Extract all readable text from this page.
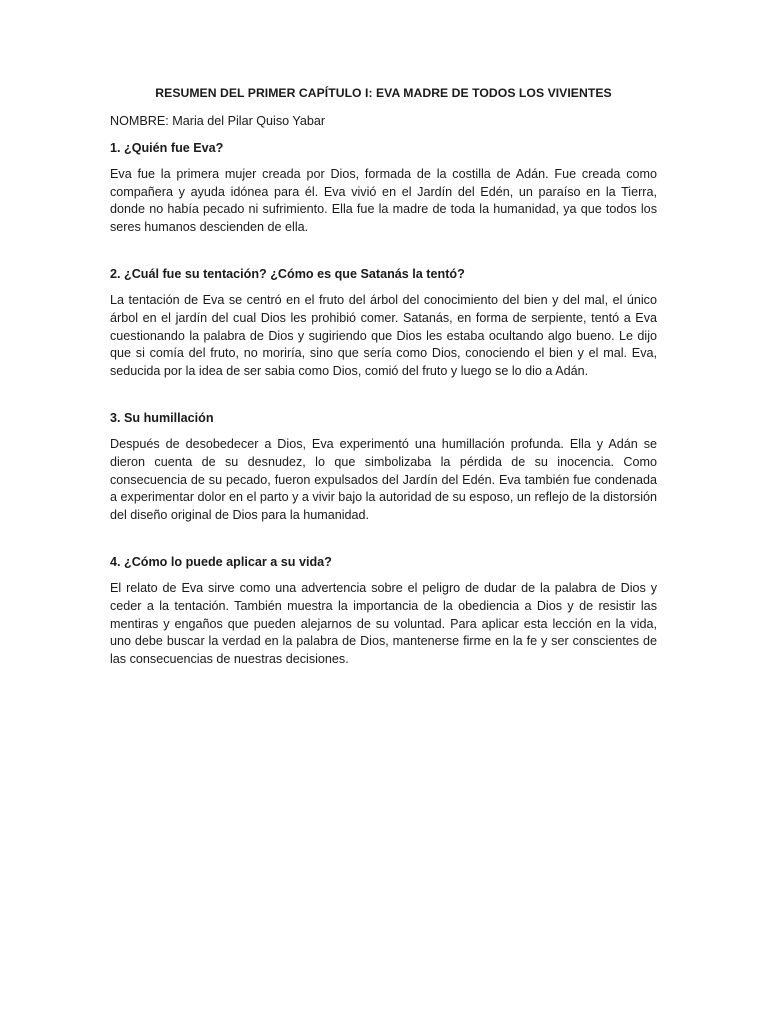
RESUMEN DEL PRIMER CAPÍTULO I: EVA MADRE DE TODOS LOS VIVIENTES
NOMBRE: Maria del Pilar Quiso Yabar
1. ¿Quién fue Eva?

Eva fue la primera mujer creada por Dios, formada de la costilla de Adán. Fue creada como compañera y ayuda idónea para él. Eva vivió en el Jardín del Edén, un paraíso en la Tierra, donde no había pecado ni sufrimiento. Ella fue la madre de toda la humanidad, ya que todos los seres humanos descienden de ella.

2. ¿Cuál fue su tentación? ¿Cómo es que Satanás la tentó?

La tentación de Eva se centró en el fruto del árbol del conocimiento del bien y del mal, el único árbol en el jardín del cual Dios les prohibió comer. Satanás, en forma de serpiente, tentó a Eva cuestionando la palabra de Dios y sugiriendo que Dios les estaba ocultando algo bueno. Le dijo que si comía del fruto, no moriría, sino que sería como Dios, conociendo el bien y el mal. Eva, seducida por la idea de ser sabia como Dios, comió del fruto y luego se lo dio a Adán.

3. Su humillación

Después de desobedecer a Dios, Eva experimentó una humillación profunda. Ella y Adán se dieron cuenta de su desnudez, lo que simbolizaba la pérdida de su inocencia. Como consecuencia de su pecado, fueron expulsados del Jardín del Edén. Eva también fue condenada a experimentar dolor en el parto y a vivir bajo la autoridad de su esposo, un reflejo de la distorsión del diseño original de Dios para la humanidad.

4. ¿Cómo lo puede aplicar a su vida?

El relato de Eva sirve como una advertencia sobre el peligro de dudar de la palabra de Dios y ceder a la tentación. También muestra la importancia de la obediencia a Dios y de resistir las mentiras y engaños que pueden alejarnos de su voluntad. Para aplicar esta lección en la vida, uno debe buscar la verdad en la palabra de Dios, mantenerse firme en la fe y ser conscientes de las consecuencias de nuestras decisiones.
